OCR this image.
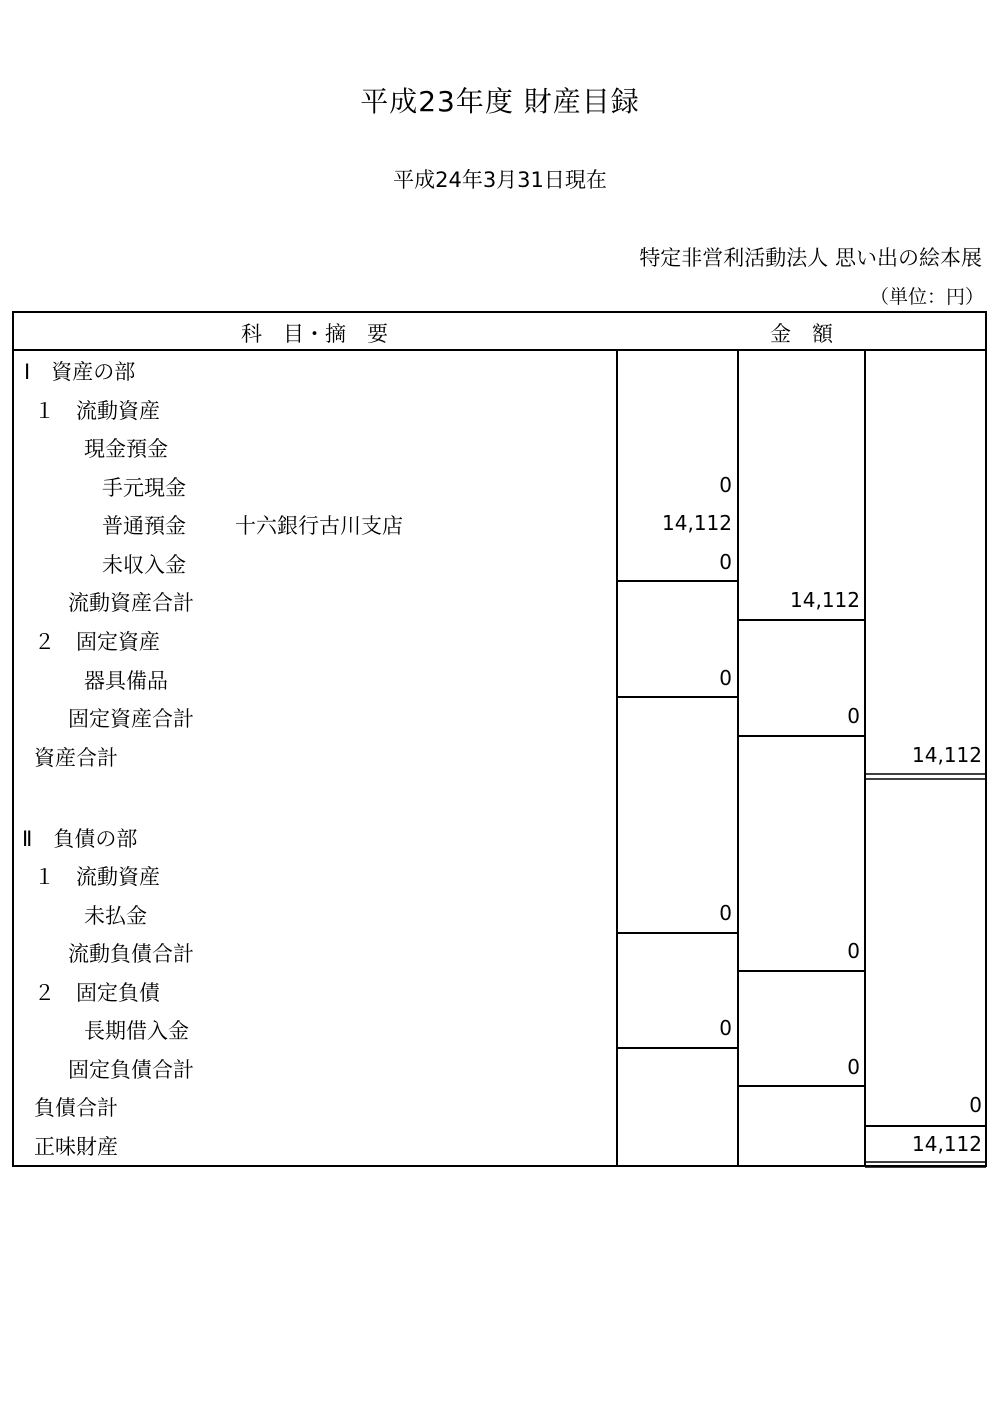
平成23年度 財産目録
平成24年3月31日現在
特定非営利活動法人 思い出の絵本展
（単位：円）
科　目・摘　要	金　額
Ⅰ　資産の部
１　流動資産
現金預金
手元現金	0
普通預金 十六銀行古川支店	14,112
未収入金	0
流動資産合計	14,112
２　固定資産
器具備品	0
固定資産合計	0
資産合計	14,112
Ⅱ　負債の部
１　流動資産
未払金	0
流動負債合計	0
２　固定負債
長期借入金	0
固定負債合計	0
負債合計	0
正味財産	14,112
